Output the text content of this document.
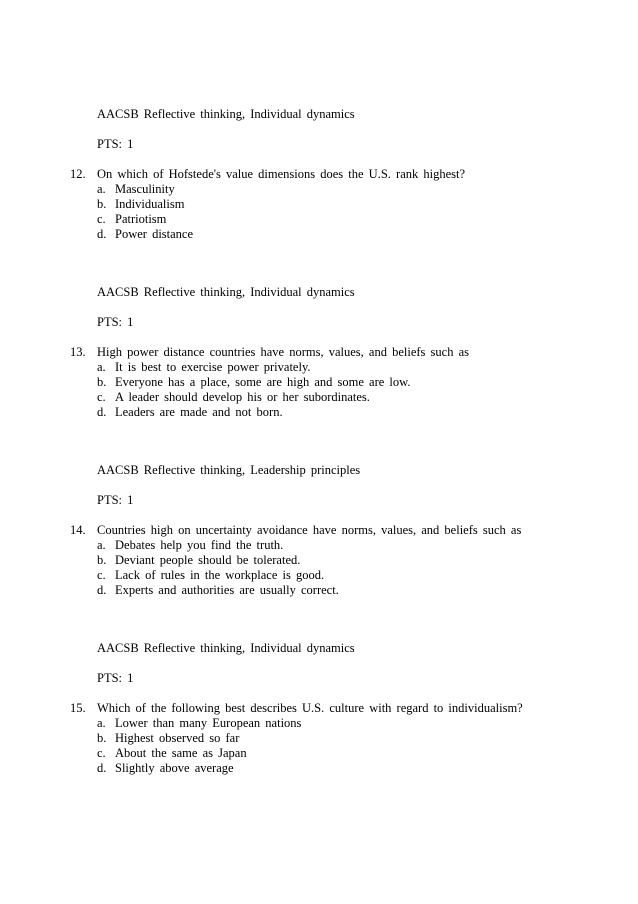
AACSB Reflective thinking, Individual dynamics
PTS: 1
12. On which of Hofstede's value dimensions does the U.S. rank highest?
a. Masculinity
b. Individualism
c. Patriotism
d. Power distance
AACSB Reflective thinking, Individual dynamics
PTS: 1
13. High power distance countries have norms, values, and beliefs such as
a. It is best to exercise power privately.
b. Everyone has a place, some are high and some are low.
c. A leader should develop his or her subordinates.
d. Leaders are made and not born.
AACSB Reflective thinking, Leadership principles
PTS: 1
14. Countries high on uncertainty avoidance have norms, values, and beliefs such as
a. Debates help you find the truth.
b. Deviant people should be tolerated.
c. Lack of rules in the workplace is good.
d. Experts and authorities are usually correct.
AACSB Reflective thinking, Individual dynamics
PTS: 1
15. Which of the following best describes U.S. culture with regard to individualism?
a. Lower than many European nations
b. Highest observed so far
c. About the same as Japan
d. Slightly above average
